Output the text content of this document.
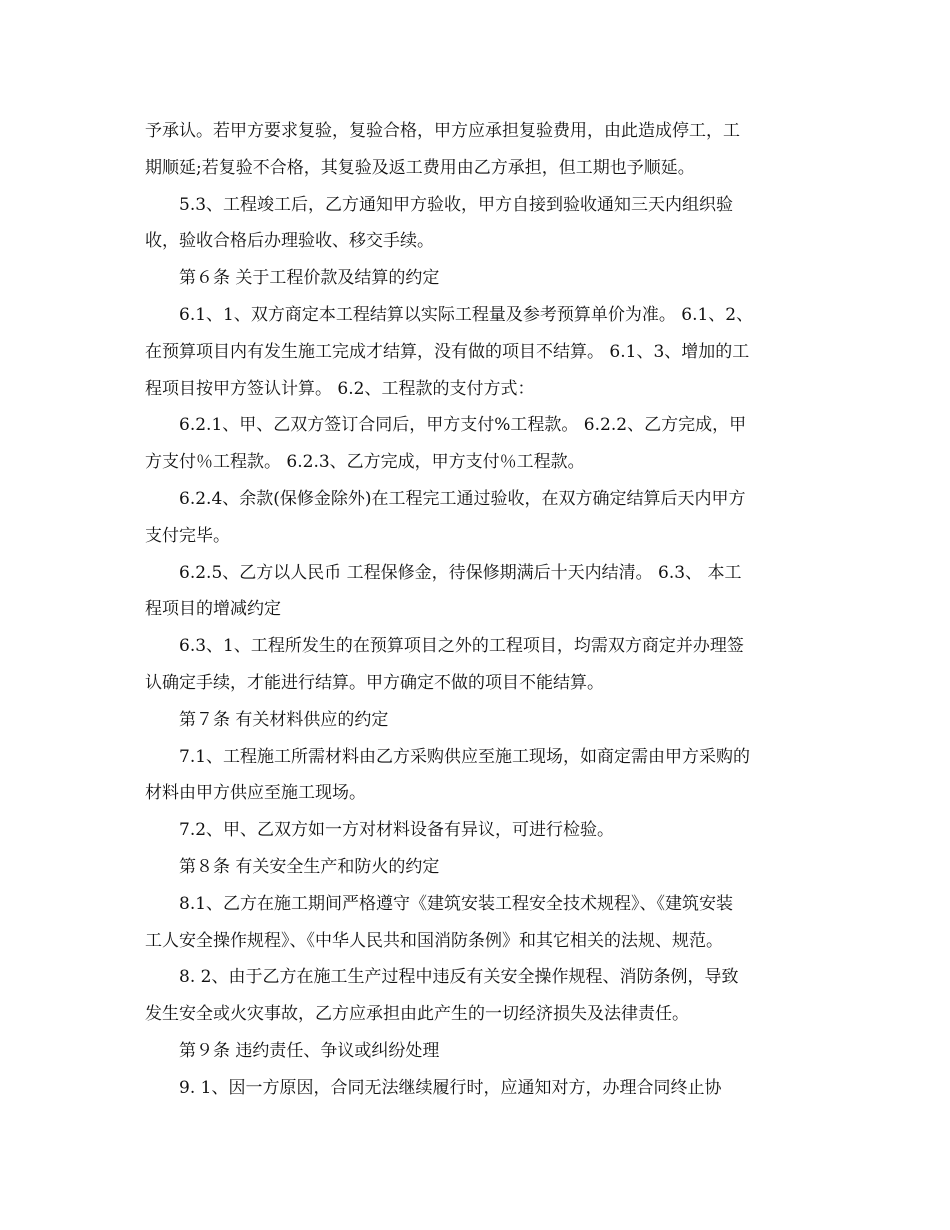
予承认。若甲方要求复验，复验合格，甲方应承担复验费用，由此造成停工，工
期顺延;若复验不合格，其复验及返工费用由乙方承担，但工期也予顺延。
5.3、工程竣工后，乙方通知甲方验收，甲方自接到验收通知三天内组织验
收，验收合格后办理验收、移交手续。
第６条 关于工程价款及结算的约定
6.1、1、双方商定本工程结算以实际工程量及参考预算单价为准。 6.1、2、
在预算项目内有发生施工完成才结算，没有做的项目不结算。 6.1、3、增加的工
程项目按甲方签认计算。 6.2、工程款的支付方式：
6.2.1、甲、乙双方签订合同后，甲方支付%工程款。 6.2.2、乙方完成，甲
方支付％工程款。 6.2.3、乙方完成，甲方支付％工程款。
6.2.4、余款(保修金除外)在工程完工通过验收，在双方确定结算后天内甲方
支付完毕。
6.2.5、乙方以人民币 工程保修金，待保修期满后十天内结清。 6.3、 本工
程项目的增减约定
6.3、1、工程所发生的在预算项目之外的工程项目，均需双方商定并办理签
认确定手续，才能进行结算。甲方确定不做的项目不能结算。
第７条 有关材料供应的约定
7.1、工程施工所需材料由乙方采购供应至施工现场，如商定需由甲方采购的
材料由甲方供应至施工现场。
7.2、甲、乙双方如一方对材料设备有异议，可进行检验。
第８条 有关安全生产和防火的约定
8.1、乙方在施工期间严格遵守《建筑安装工程安全技术规程》、《建筑安装
工人安全操作规程》、《中华人民共和国消防条例》和其它相关的法规、规范。
8. 2、由于乙方在施工生产过程中违反有关安全操作规程、消防条例，导致
发生安全或火灾事故，乙方应承担由此产生的一切经济损失及法律责任。
第９条 违约责任、争议或纠纷处理
9. 1、因一方原因，合同无法继续履行时，应通知对方，办理合同终止协
